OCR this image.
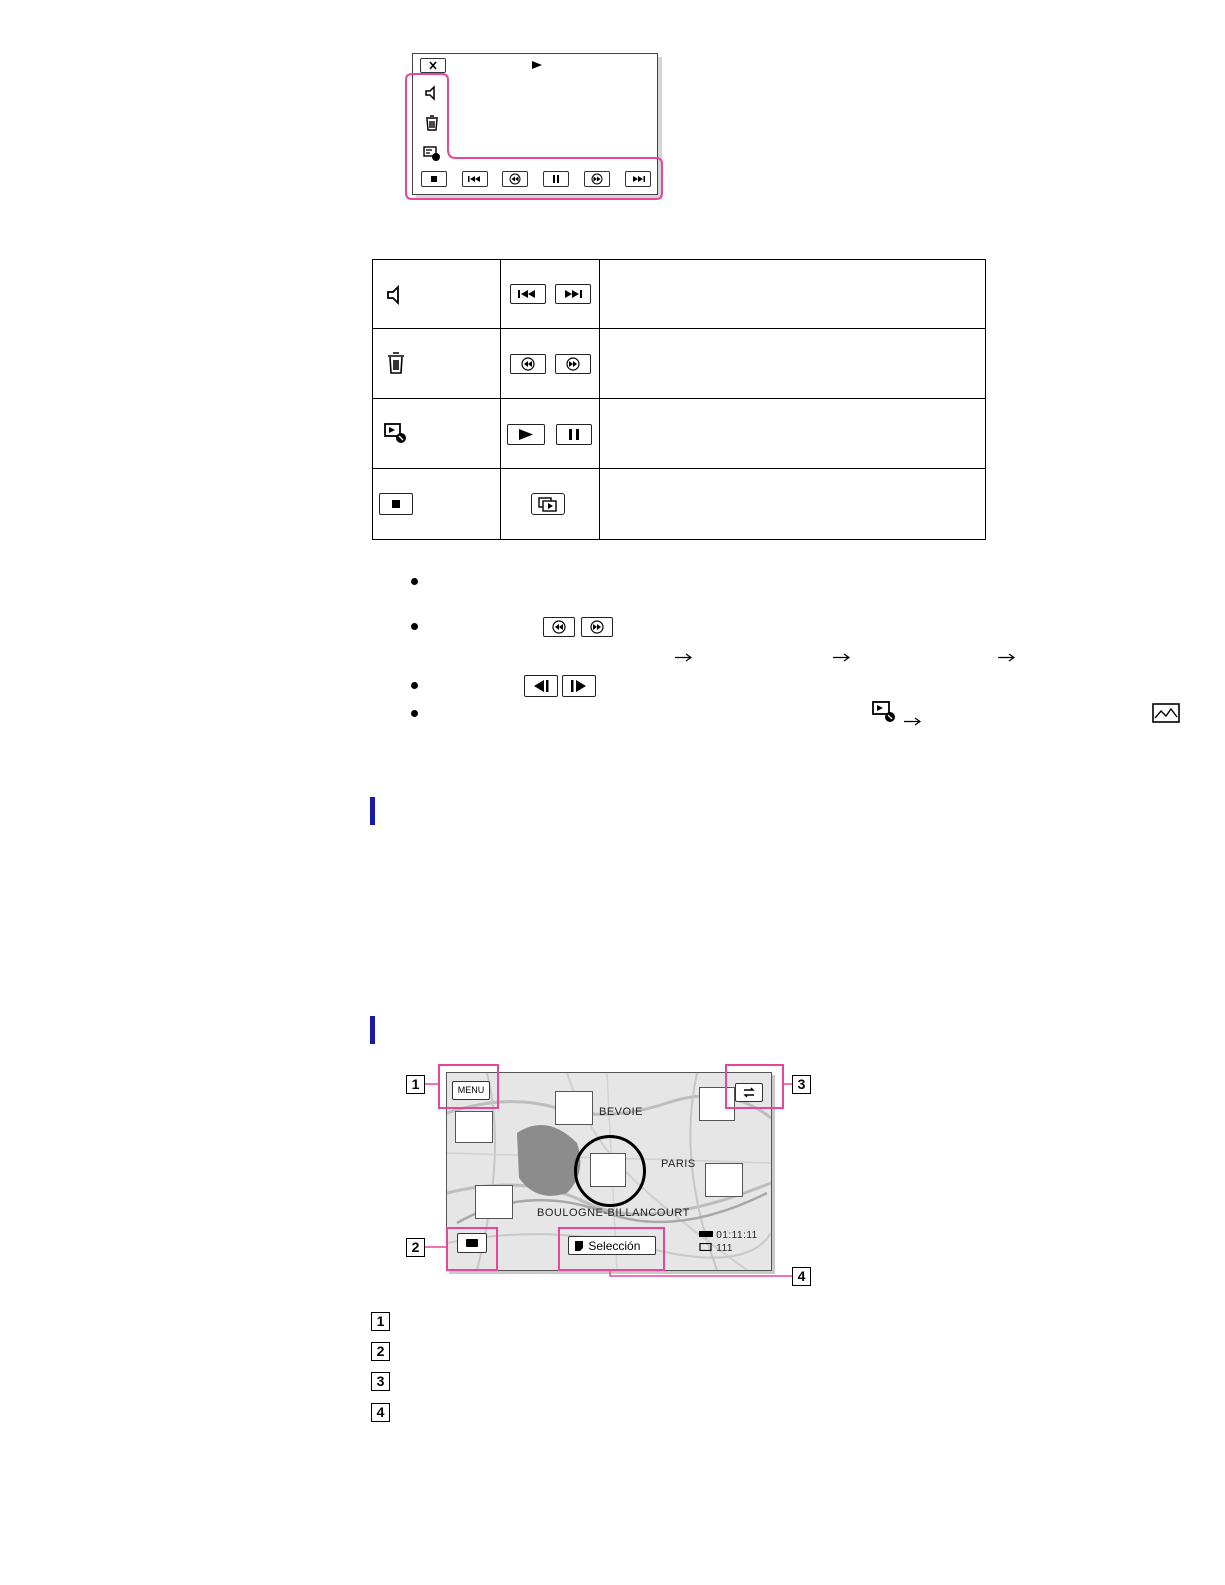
BEVOIE
PARIS
BOULOGNE-BILLANCOURT
MENU
Selección
01:11:11
111
1
2
3
4
1
2
3
4
